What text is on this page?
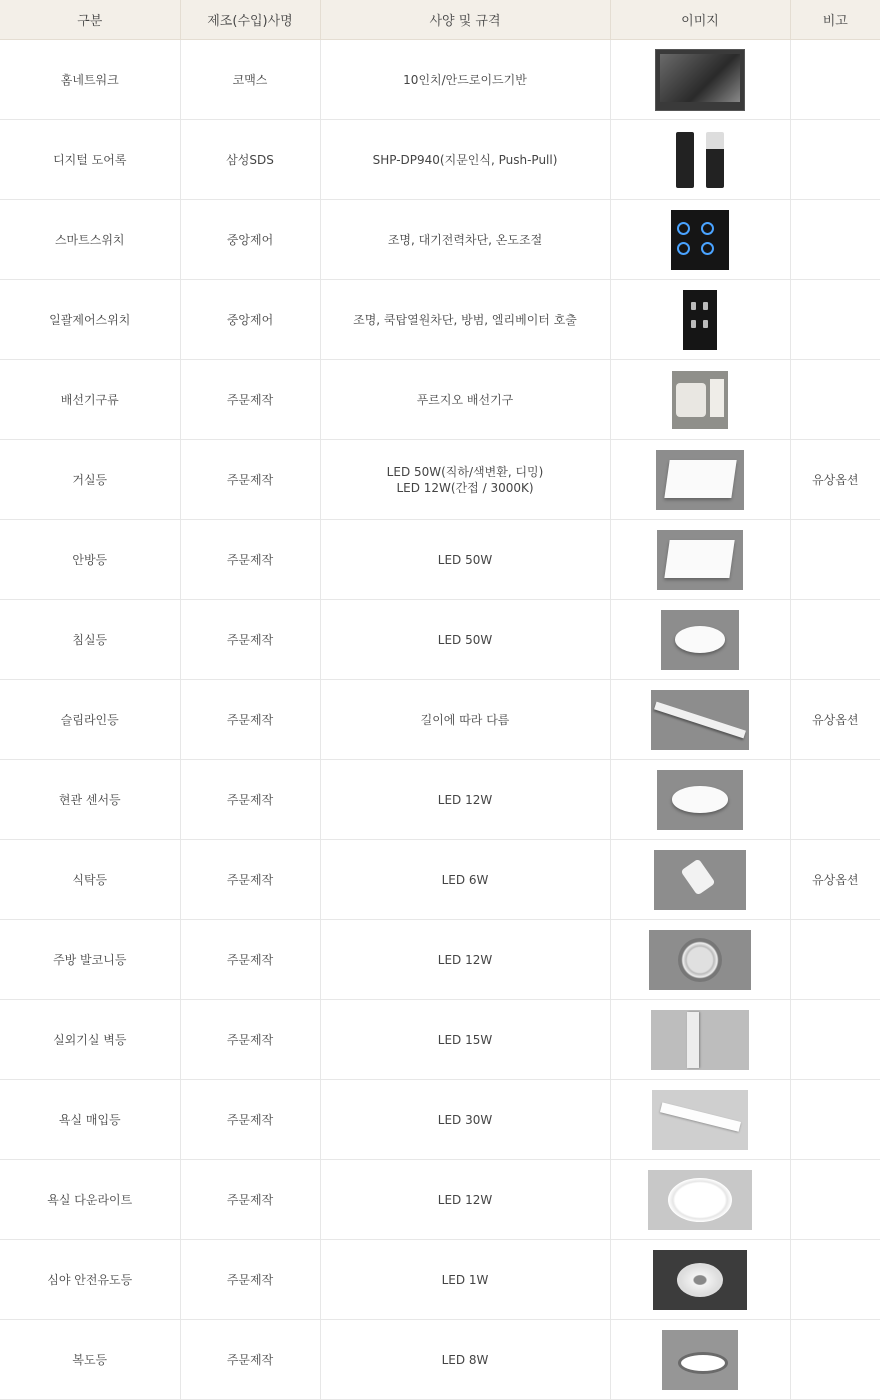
구분	제조(수입)사명	사양 및 규격	이미지	비고
홈네트워크	코맥스	10인치/안드로이드기반		

디지털 도어록	삼성SDS	SHP-DP940(지문인식, Push-Pull)		

스마트스위치	중앙제어	조명, 대기전력차단, 온도조절		

일괄제어스위치	중앙제어	조명, 쿡탑열원차단, 방범, 엘리베이터 호출		

배선기구류	주문제작	푸르지오 배선기구		

거실등	주문제작	LED 50W(직하/색변환, 디밍)
LED 12W(간접 / 3000K)		유상옵션
안방등	주문제작	LED 50W		

침실등	주문제작	LED 50W		

슬림라인등	주문제작	길이에 따라 다름		유상옵션
현관 센서등	주문제작	LED 12W		

식탁등	주문제작	LED 6W		유상옵션
주방 발코니등	주문제작	LED 12W		

실외기실 벽등	주문제작	LED 15W		

욕실 매입등	주문제작	LED 30W		

욕실 다운라이트	주문제작	LED 12W		

심야 안전유도등	주문제작	LED 1W		

복도등	주문제작	LED 8W		
